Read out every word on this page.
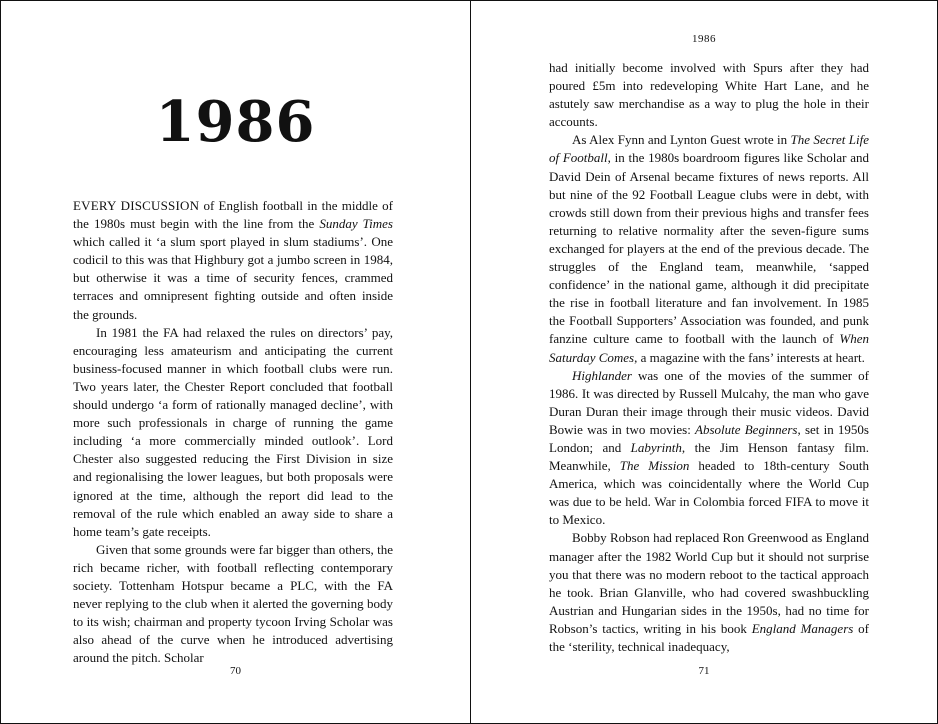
1986

EVERY DISCUSSION of English football in the middle of the 1980s must begin with the line from the Sunday Times which called it ‘a slum sport played in slum stadiums’. One codicil to this was that Highbury got a jumbo screen in 1984, but otherwise it was a time of security fences, crammed terraces and omnipresent fighting outside and often inside the grounds.

In 1981 the FA had relaxed the rules on directors’ pay, encouraging less amateurism and anticipating the current business-focused manner in which football clubs were run. Two years later, the Chester Report concluded that football should undergo ‘a form of rationally managed decline’, with more such professionals in charge of running the game including ‘a more commercially minded outlook’. Lord Chester also suggested reducing the First Division in size and regionalising the lower leagues, but both proposals were ignored at the time, although the report did lead to the removal of the rule which enabled an away side to share a home team’s gate receipts.

Given that some grounds were far bigger than others, the rich became richer, with football reflecting contemporary society. Tottenham Hotspur became a PLC, with the FA never replying to the club when it alerted the governing body to its wish; chairman and property tycoon Irving Scholar was also ahead of the curve when he introduced advertising around the pitch. Scholar

70
1986

had initially become involved with Spurs after they had poured £5m into redeveloping White Hart Lane, and he astutely saw merchandise as a way to plug the hole in their accounts.

As Alex Fynn and Lynton Guest wrote in The Secret Life of Football, in the 1980s boardroom figures like Scholar and David Dein of Arsenal became fixtures of news reports. All but nine of the 92 Football League clubs were in debt, with crowds still down from their previous highs and transfer fees returning to relative normality after the seven-figure sums exchanged for players at the end of the previous decade. The struggles of the England team, meanwhile, ‘sapped confidence’ in the national game, although it did precipitate the rise in football literature and fan involvement. In 1985 the Football Supporters’ Association was founded, and punk fanzine culture came to football with the launch of When Saturday Comes, a magazine with the fans’ interests at heart.

Highlander was one of the movies of the summer of 1986. It was directed by Russell Mulcahy, the man who gave Duran Duran their image through their music videos. David Bowie was in two movies: Absolute Beginners, set in 1950s London; and Labyrinth, the Jim Henson fantasy film. Meanwhile, The Mission headed to 18th-century South America, which was coincidentally where the World Cup was due to be held. War in Colombia forced FIFA to move it to Mexico.

Bobby Robson had replaced Ron Greenwood as England manager after the 1982 World Cup but it should not surprise you that there was no modern reboot to the tactical approach he took. Brian Glanville, who had covered swashbuckling Austrian and Hungarian sides in the 1950s, had no time for Robson’s tactics, writing in his book England Managers of the ‘sterility, technical inadequacy,

71
